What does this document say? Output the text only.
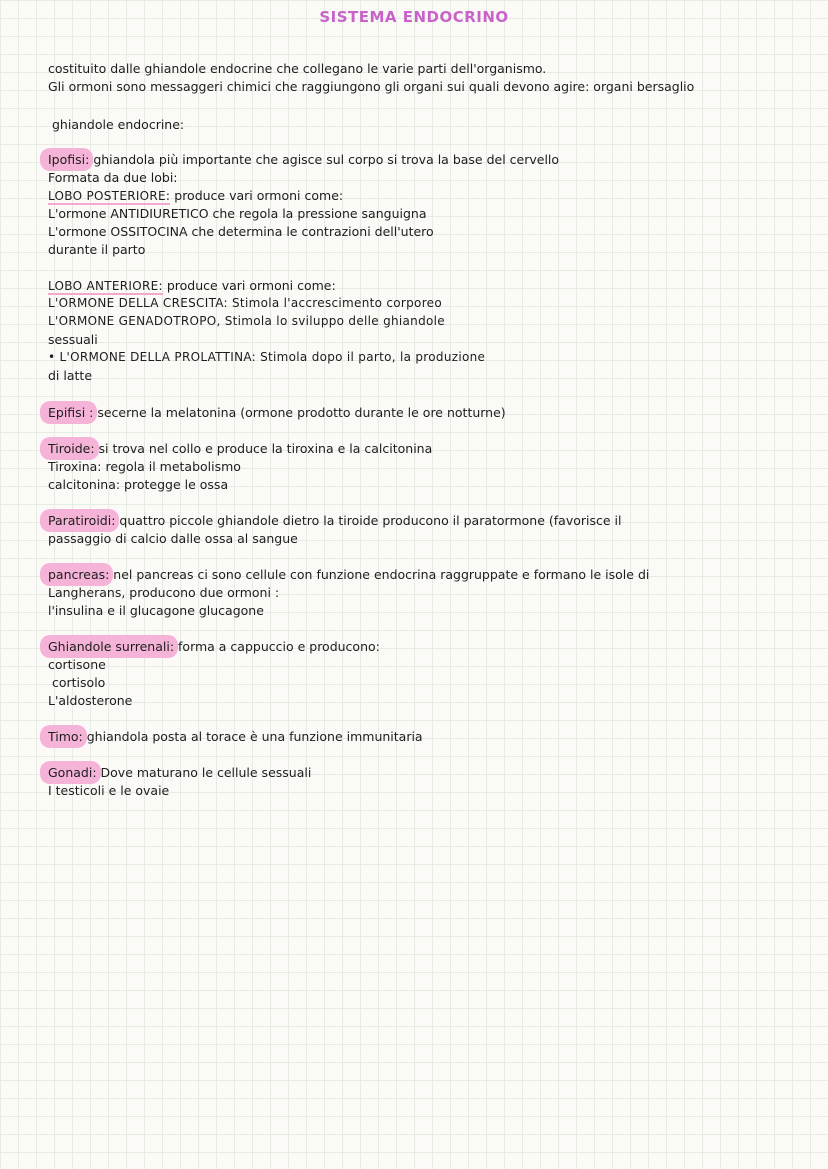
SISTEMA ENDOCRINO
costituito dalle ghiandole endocrine che collegano le varie parti dell'organismo.
Gli ormoni sono messaggeri chimici che raggiungono gli organi sui quali devono agire: organi bersaglio
ghiandole endocrine:
Ipofisi: ghiandola più importante che agisce sul corpo si trova la base del cervello
Formata da due lobi:
LOBO POSTERIORE: produce vari ormoni come:
L'ormone ANTIDIURETICO che regola la pressione sanguigna
L'ormone OSSITOCINA che determina le contrazioni dell'utero
durante il parto
LOBO ANTERIORE: produce vari ormoni come:
L'ORMONE DELLA CRESCITA: Stimola l'accrescimento corporeo
L'ORMONE GENADOTROPO, Stimola lo sviluppo delle ghiandole
sessuali
• L'ORMONE DELLA PROLATTINA: Stimola dopo il parto, la produzione
di latte
Epifisi : secerne la melatonina (ormone prodotto durante le ore notturne)
Tiroide: si trova nel collo e produce la tiroxina e la calcitonina
Tiroxina: regola il metabolismo
calcitonina: protegge le ossa
Paratiroidi: quattro piccole ghiandole dietro la tiroide producono il paratormone (favorisce il
passaggio di calcio dalle ossa al sangue
pancreas: nel pancreas ci sono cellule con funzione endocrina raggruppate e formano le isole di
Langherans, producono due ormoni :
l'insulina e il glucagone glucagone
Ghiandole surrenali: forma a cappuccio e producono:
cortisone
cortisolo
L'aldosterone
Timo: ghiandola posta al torace è una funzione immunitaria
Gonadi: Dove maturano le cellule sessuali
I testicoli e le ovaie
